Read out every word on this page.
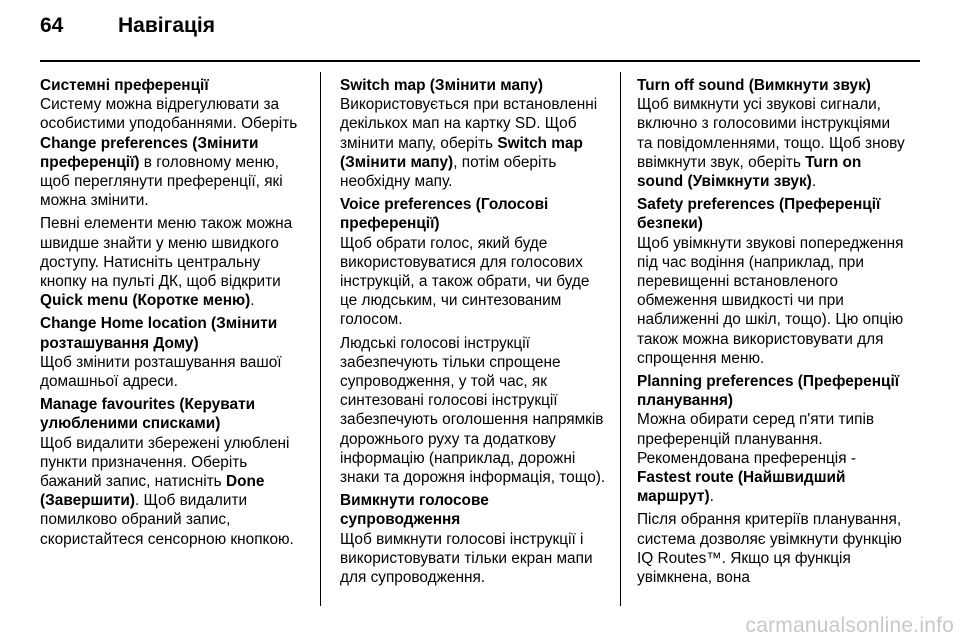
64	Навігація
Системні преференції
Систему можна відрегулювати за особистими уподобаннями. Оберіть Change preferences (Змінити преференції) в головному меню, щоб переглянути преференції, які можна змінити.
Певні елементи меню також можна швидше знайти у меню швидкого доступу. Натисніть центральну кнопку на пульті ДК, щоб відкрити Quick menu (Коротке меню).
Change Home location (Змінити розташування Дому)
Щоб змінити розташування вашої домашньої адреси.
Manage favourites (Керувати улюбленими списками)
Щоб видалити збережені улюблені пункти призначення. Оберіть бажаний запис, натисніть Done (Завершити). Щоб видалити помилково обраний запис, скористайтеся сенсорною кнопкою.
Switch map (Змінити мапу)
Використовується при встановленні декількох мап на картку SD. Щоб змінити мапу, оберіть Switch map (Змінити мапу), потім оберіть необхідну мапу.
Voice preferences (Голосові преференції)
Щоб обрати голос, який буде використовуватися для голосових інструкцій, а також обрати, чи буде це людським, чи синтезованим голосом.
Людські голосові інструкції забезпечують тільки спрощене супроводження, у той час, як синтезовані голосові інструкції забезпечують оголошення напрямків дорожнього руху та додаткову інформацію (наприклад, дорожні знаки та дорожня інформація, тощо).
Вимкнути голосове супроводження
Щоб вимкнути голосові інструкції і використовувати тільки екран мапи для супроводження.
Turn off sound (Вимкнути звук)
Щоб вимкнути усі звукові сигнали, включно з голосовими інструкціями та повідомленнями, тощо. Щоб знову ввімкнути звук, оберіть Turn on sound (Увімкнути звук).
Safety preferences (Преференції безпеки)
Щоб увімкнути звукові попередження під час водіння (наприклад, при перевищенні встановленого обмеження швидкості чи при наближенні до шкіл, тощо). Цю опцію також можна використовувати для спрощення меню.
Planning preferences (Преференції планування)
Можна обирати серед п'яти типів преференцій планування. Рекомендована преференція - Fastest route (Найшвидший маршрут).
Після обрання критеріїв планування, система дозволяє увімкнути функцію IQ Routes™. Якщо ця функція увімкнена, вона
carmanualsonline.info
